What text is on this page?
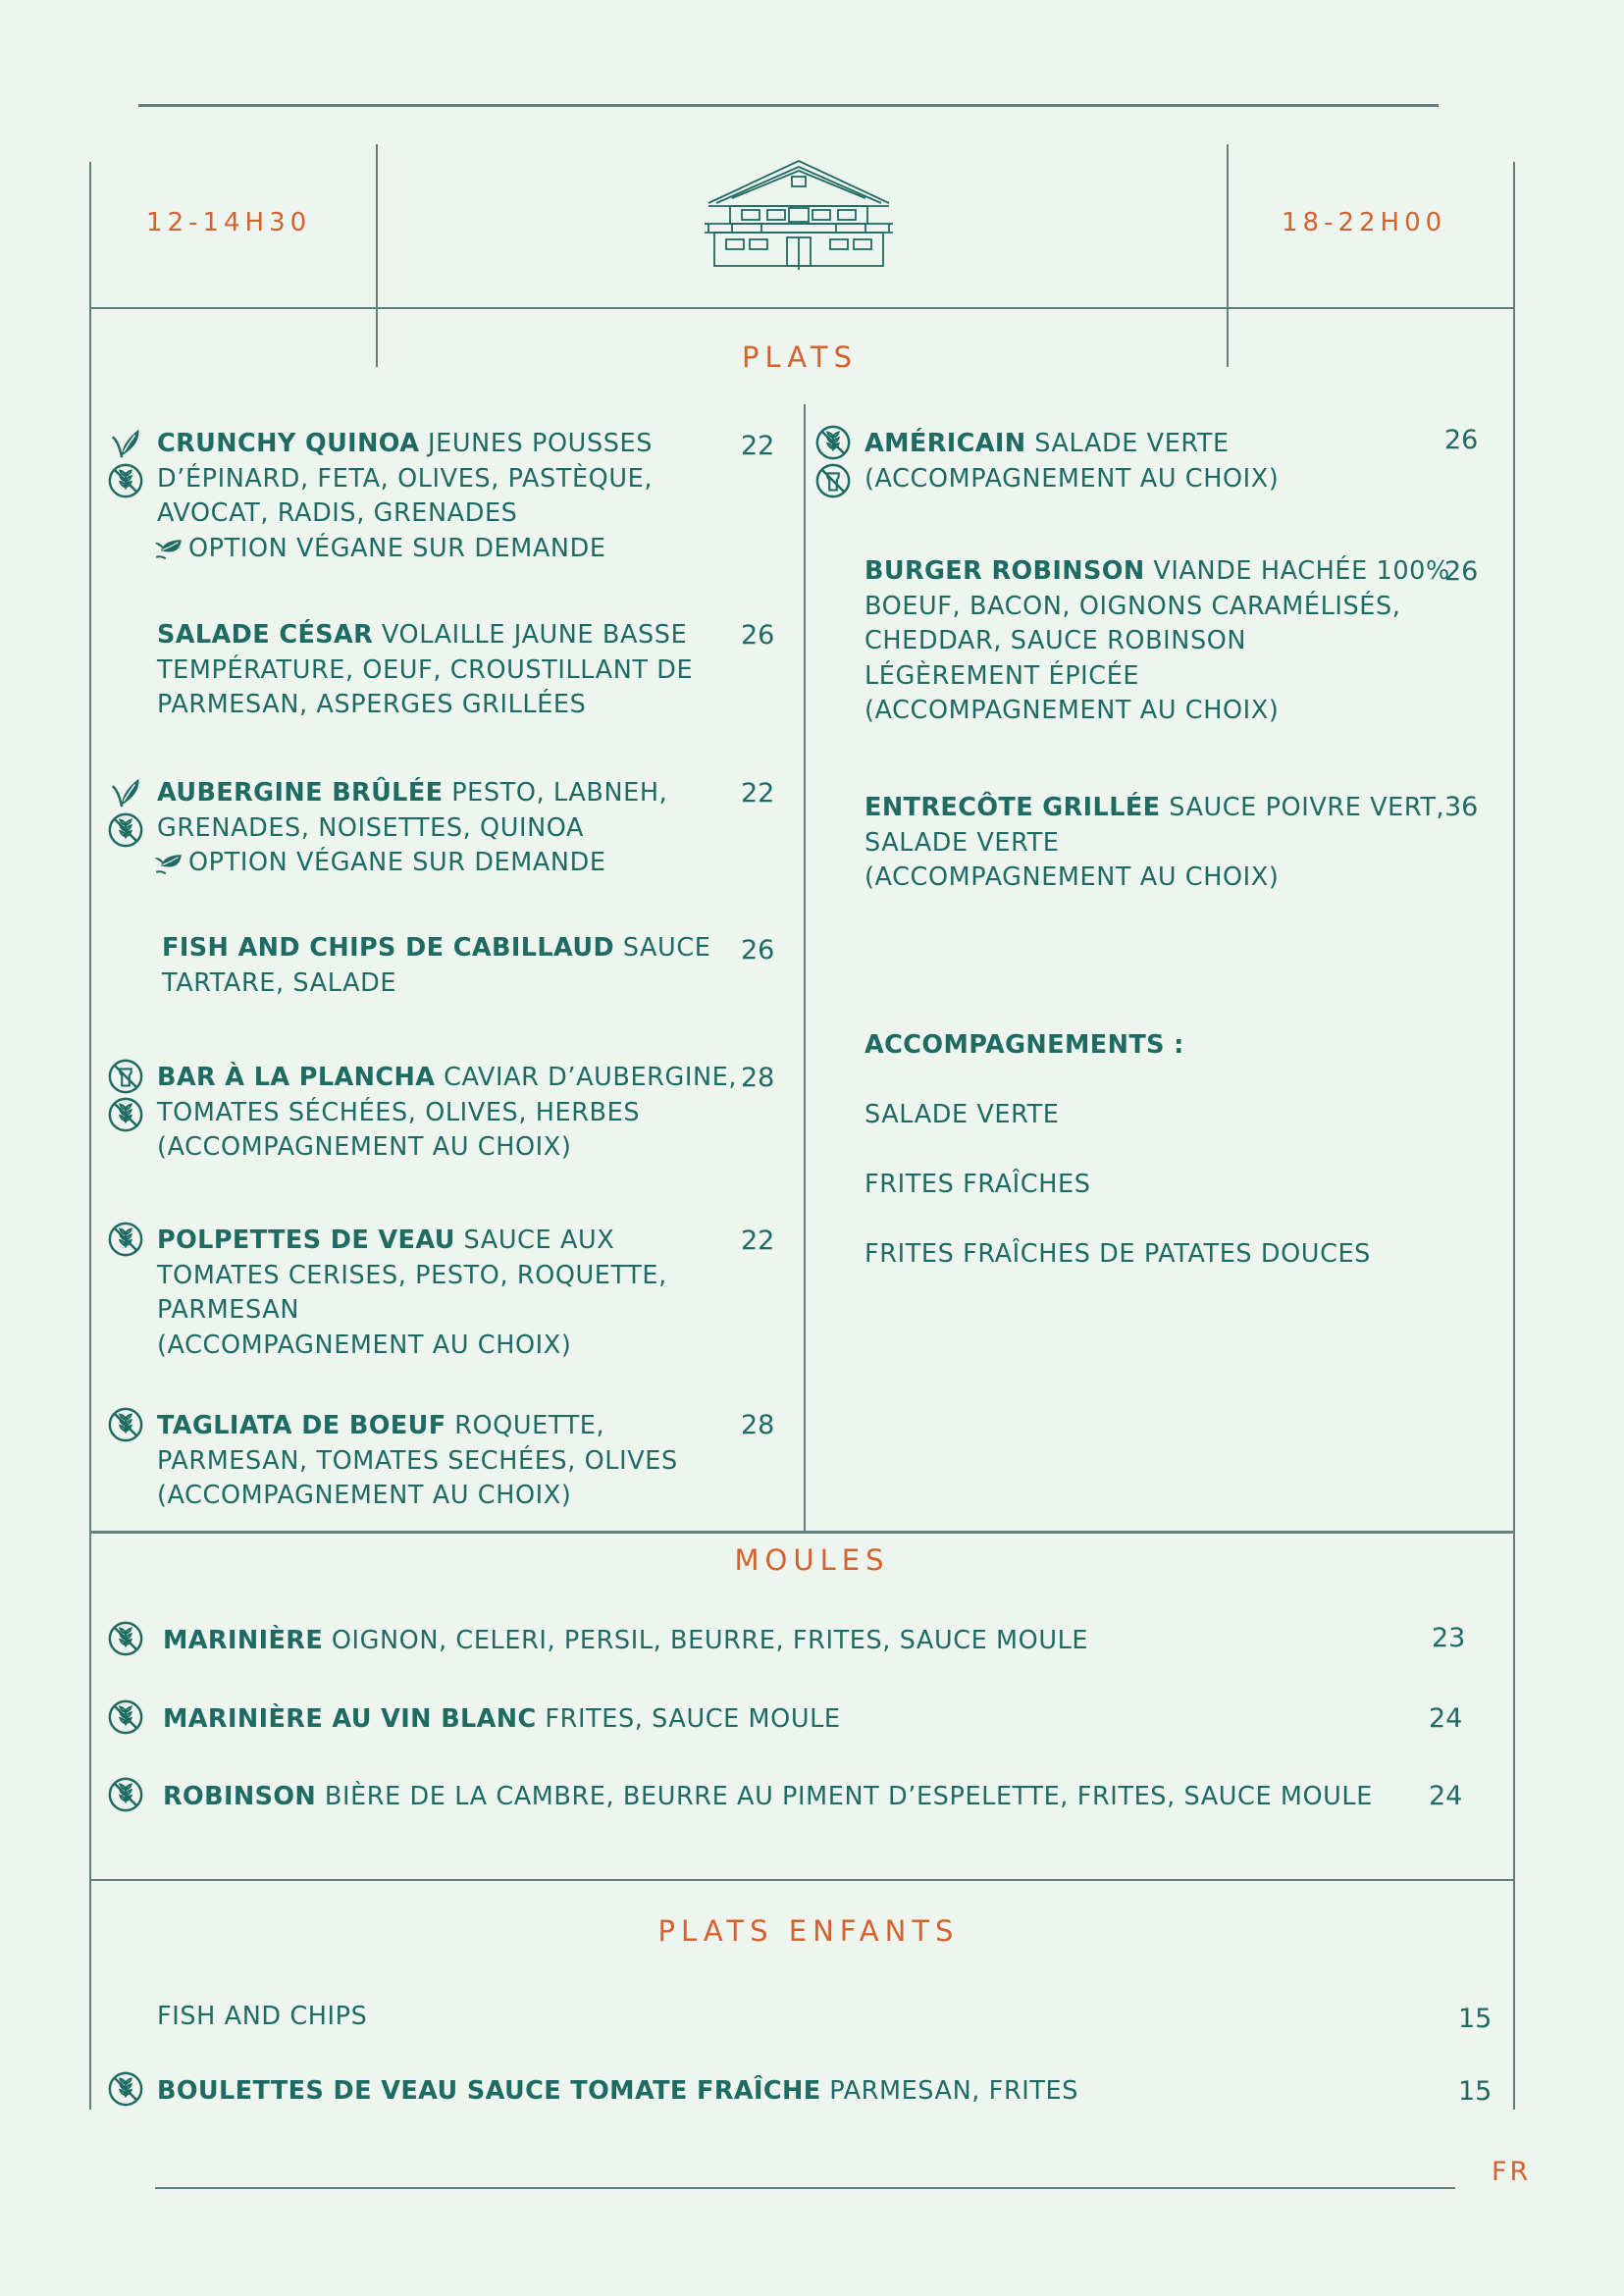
12-14H30	18-22H00
PLATS
CRUNCHY QUINOA JEUNES POUSSES
D’ÉPINARD, FETA, OLIVES, PASTÈQUE,
AVOCAT, RADIS, GRENADES
OPTION VÉGANE SUR DEMANDE
22
SALADE CÉSAR VOLAILLE JAUNE BASSE
TEMPÉRATURE, OEUF, CROUSTILLANT DE
PARMESAN, ASPERGES GRILLÉES
26
AUBERGINE BRÛLÉE PESTO, LABNEH,
GRENADES, NOISETTES, QUINOA
OPTION VÉGANE SUR DEMANDE
22
FISH AND CHIPS DE CABILLAUD SAUCE
TARTARE, SALADE
26
BAR À LA PLANCHA CAVIAR D’AUBERGINE,
TOMATES SÉCHÉES, OLIVES, HERBES
(ACCOMPAGNEMENT AU CHOIX)
28
POLPETTES DE VEAU SAUCE AUX
TOMATES CERISES, PESTO, ROQUETTE,
PARMESAN
(ACCOMPAGNEMENT AU CHOIX)
22
TAGLIATA DE BOEUF ROQUETTE,
PARMESAN, TOMATES SECHÉES, OLIVES
(ACCOMPAGNEMENT AU CHOIX)
28
AMÉRICAIN SALADE VERTE
(ACCOMPAGNEMENT AU CHOIX)
26
BURGER ROBINSON VIANDE HACHÉE 100%
BOEUF, BACON, OIGNONS CARAMÉLISÉS,
CHEDDAR, SAUCE ROBINSON
LÉGÈREMENT ÉPICÉE
(ACCOMPAGNEMENT AU CHOIX)
26
ENTRECÔTE GRILLÉE SAUCE POIVRE VERT,
SALADE VERTE
(ACCOMPAGNEMENT AU CHOIX)
36
ACCOMPAGNEMENTS :
SALADE VERTE
FRITES FRAÎCHES
FRITES FRAÎCHES DE PATATES DOUCES
MOULES
MARINIÈRE OIGNON, CELERI, PERSIL, BEURRE, FRITES, SAUCE MOULE	23
MARINIÈRE AU VIN BLANC FRITES, SAUCE MOULE	24
ROBINSON BIÈRE DE LA CAMBRE, BEURRE AU PIMENT D’ESPELETTE, FRITES, SAUCE MOULE 24
PLATS ENFANTS
FISH AND CHIPS	15
BOULETTES DE VEAU SAUCE TOMATE FRAÎCHE PARMESAN, FRITES	15
FR
